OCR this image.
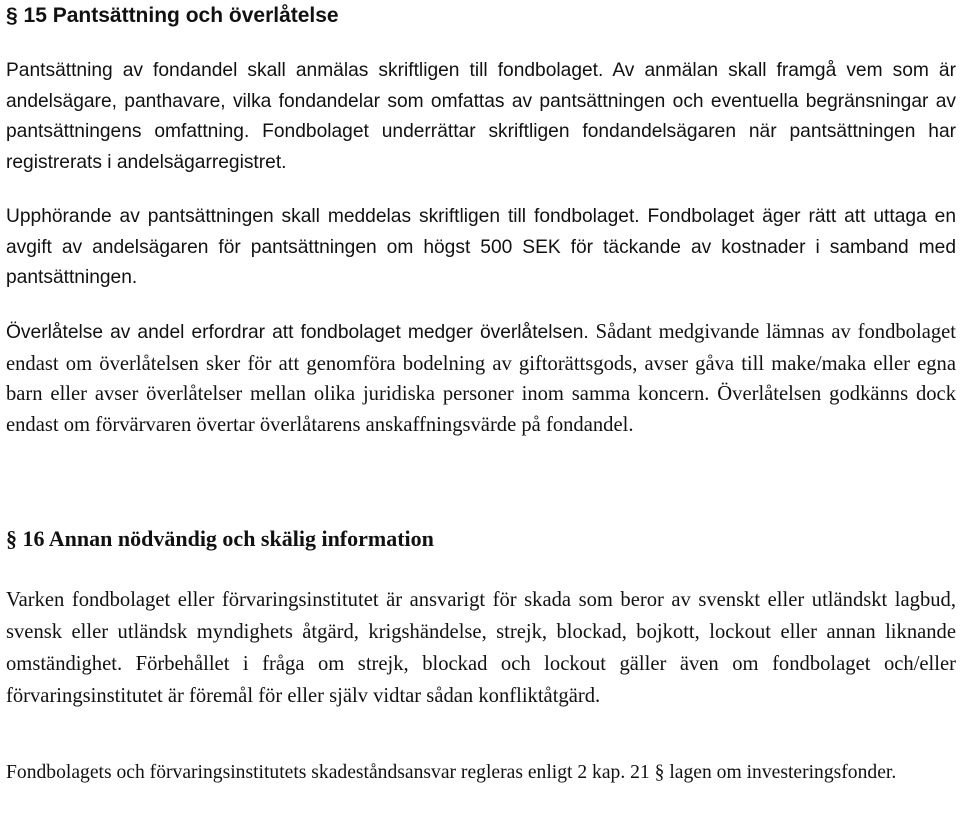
§ 15 Pantsättning och överlåtelse

Pantsättning av fondandel skall anmälas skriftligen till fondbolaget. Av anmälan skall framgå vem som är andelsägare, panthavare, vilka fondandelar som omfattas av pantsättningen och eventuella begränsningar av pantsättningens omfattning. Fondbolaget underrättar skriftligen fondandelsägaren när pantsättningen har registrerats i andelsägarregistret.

Upphörande av pantsättningen skall meddelas skriftligen till fondbolaget. Fondbolaget äger rätt att uttaga en avgift av andelsägaren för pantsättningen om högst 500 SEK för täckande av kostnader i samband med pantsättningen.

Överlåtelse av andel erfordrar att fondbolaget medger överlåtelsen. Sådant medgivande lämnas av fondbolaget endast om överlåtelsen sker för att genomföra bodelning av giftorättsgods, avser gåva till make/maka eller egna barn eller avser överlåtelser mellan olika juridiska personer inom samma koncern. Överlåtelsen godkänns dock endast om förvärvaren övertar överlåtarens anskaffningsvärde på fondandel.

§ 16 Annan nödvändig och skälig information

Varken fondbolaget eller förvaringsinstitutet är ansvarigt för skada som beror av svenskt eller utländskt lagbud, svensk eller utländsk myndighets åtgärd, krigshändelse, strejk, blockad, bojkott, lockout eller annan liknande omständighet. Förbehållet i fråga om strejk, blockad och lockout gäller även om fondbolaget och/eller förvaringsinstitutet är föremål för eller själv vidtar sådan konfliktåtgärd.

Fondbolagets och förvaringsinstitutets skadeståndsansvar regleras enligt 2 kap. 21 § lagen om investeringsfonder.
